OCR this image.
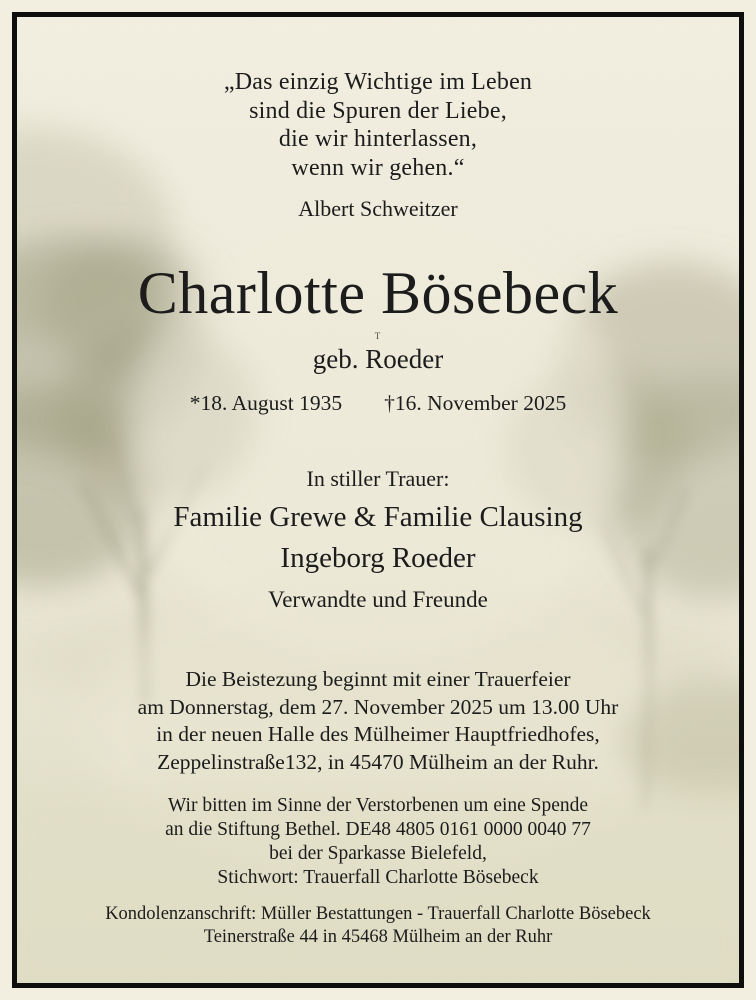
„Das einzig Wichtige im Leben
sind die Spuren der Liebe,
die wir hinterlassen,
wenn wir gehen.“
Albert Schweitzer
Charlotte Bösebeck
T
geb. Roeder
*18. August 1935 †16. November 2025
In stiller Trauer:
Familie Grewe & Familie Clausing
Ingeborg Roeder
Verwandte und Freunde
Die Beistezung beginnt mit einer Trauerfeier
am Donnerstag, dem 27. November 2025 um 13.00 Uhr
in der neuen Halle des Mülheimer Hauptfriedhofes,
Zeppelinstraße132, in 45470 Mülheim an der Ruhr.
Wir bitten im Sinne der Verstorbenen um eine Spende
an die Stiftung Bethel. DE48 4805 0161 0000 0040 77
bei der Sparkasse Bielefeld,
Stichwort: Trauerfall Charlotte Bösebeck
Kondolenzanschrift: Müller Bestattungen - Trauerfall Charlotte Bösebeck
Teinerstraße 44 in 45468 Mülheim an der Ruhr
